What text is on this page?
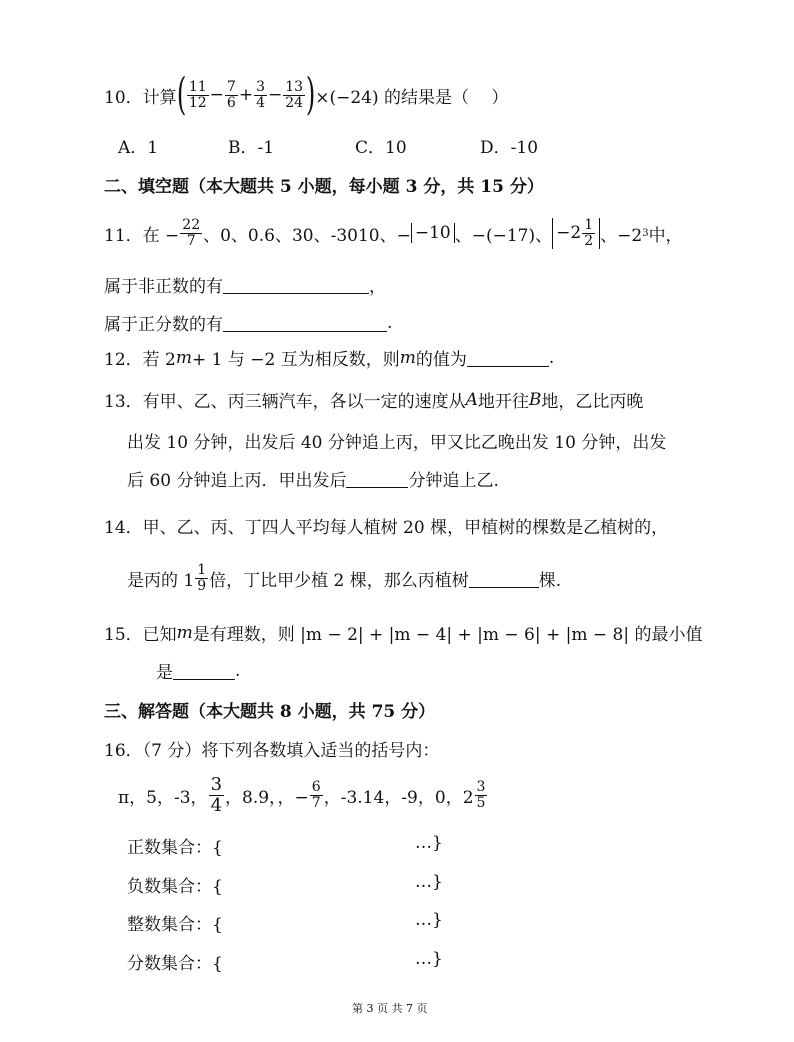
10．计算 ( $\frac{11}{12} - \frac{7}{6} + \frac{3}{4} - \frac{13}{24}$ ) ×(−24) 的结果是（　 ）
A．1	B．-1	C．10	D．-10
二、填空题（本大题共 5 小题，每小题 3 分，共 15 分）
11．在 − $\frac{22}{7}$ 、0、0.6、30、-3010、− −10 、−(−17)、 $-2 \frac{1}{2}$ 、−2 3 中，
属于非正数的有	，
属于正分数的有	.
12．若 2 m + 1 与 −2 互为相反数，则 m 的值为	.
13．有甲、乙、丙三辆汽车，各以一定的速度从 A 地开往 B 地，乙比丙晚
出发 10 分钟，出发后 40 分钟追上丙，甲又比乙晚出发 10 分钟，出发
后 60 分钟追上丙．甲出发后	分钟追上乙.
14．甲、乙、丙、丁四人平均每人植树 20 棵，甲植树的棵数是乙植树的，
是丙的 $1 \frac{1}{9}$ 倍，丁比甲少植 2 棵，那么丙植树	棵.
15．已知 m 是有理数，则 |m − 2| + |m − 4| + |m − 6| + |m − 8| 的最小值
是	.
三、解答题（本大题共 8 小题，共 75 分）
16．（7 分）将下列各数填入适当的括号内：
π，5，-3， $\frac{3}{4}$ ，8.9，，− $\frac{6}{7}$ ，-3.14，-9，0，$2 \frac{3}{5}$
正数集合：{	…}
负数集合：{	…}
整数集合：{	…}
分数集合：{	…}
第 3 页 共 7 页
